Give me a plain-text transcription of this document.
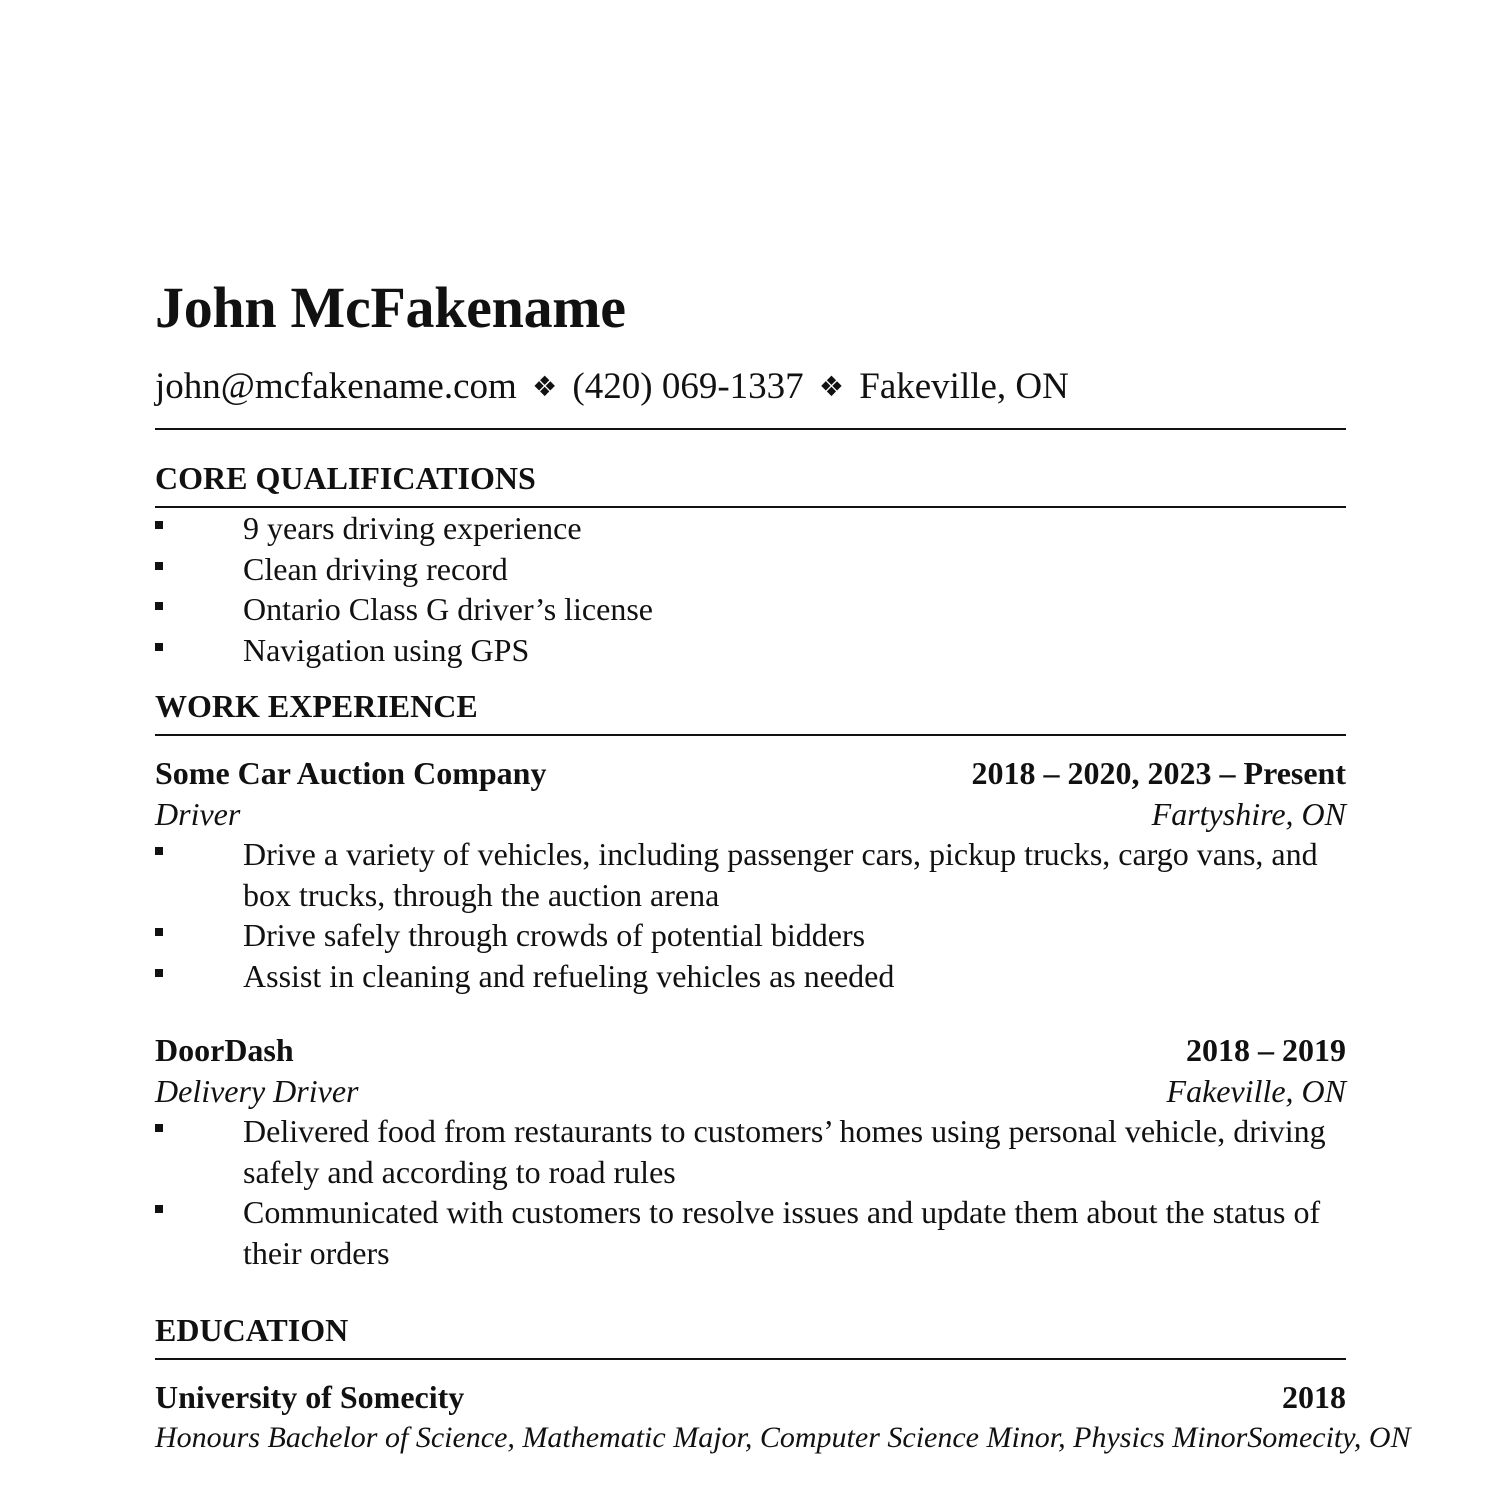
John McFakename
john@mcfakename.com ❖ (420) 069-1337 ❖ Fakeville, ON
CORE QUALIFICATIONS
9 years driving experience
Clean driving record
Ontario Class G driver’s license
Navigation using GPS
WORK EXPERIENCE
Some Car Auction Company	2018 – 2020, 2023 – Present
Driver	Fartyshire, ON
Drive a variety of vehicles, including passenger cars, pickup trucks, cargo vans, and box trucks, through the auction arena
Drive safely through crowds of potential bidders
Assist in cleaning and refueling vehicles as needed
DoorDash	2018 – 2019
Delivery Driver	Fakeville, ON
Delivered food from restaurants to customers’ homes using personal vehicle, driving safely and according to road rules
Communicated with customers to resolve issues and update them about the status of their orders
EDUCATION
University of Somecity	2018
Honours Bachelor of Science, Mathematic Major, Computer Science Minor, Physics Minor Somecity, ON
